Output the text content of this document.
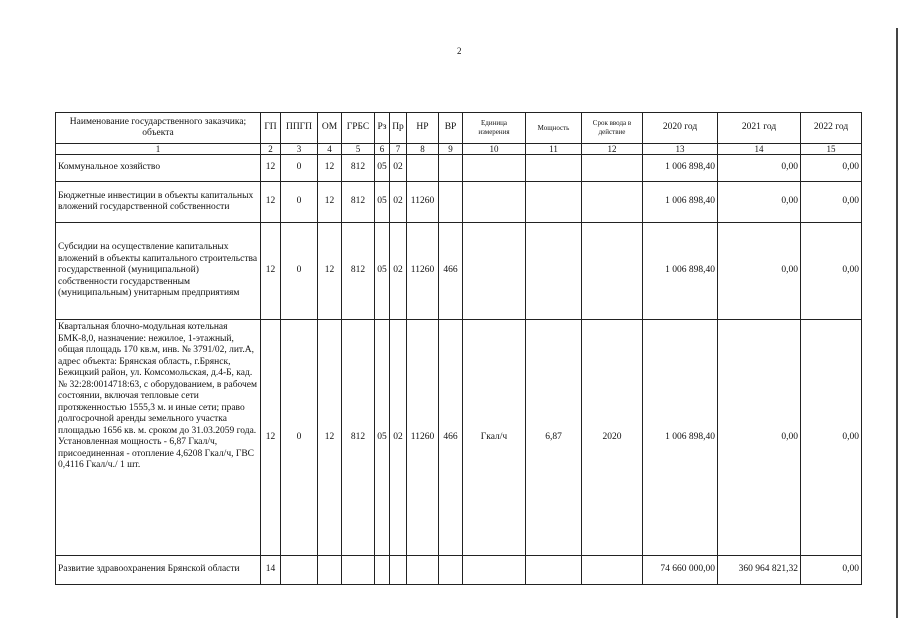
2
Наименование государственного заказчика; объекта	ГП	ППГП	ОМ	ГРБС	Рз	Пр	НР	ВР	Единица измерения	Мощность	Срок ввода в действие	2020 год	2021 год	2022 год
1	2	3	4	5	6	7	8	9	10	11	12	13	14	15
Коммунальное хозяйство	12	0	12	812	05	02						1 006 898,40	0,00	0,00
Бюджетные инвестиции в объекты капитальных вложений государственной собственности	12	0	12	812	05	02	11260					1 006 898,40	0,00	0,00
Субсидии на осуществление капитальных вложений в объекты капитального строительства государственной (муниципальной) собственности государственным (муниципальным) унитарным предприятиям	12	0	12	812	05	02	11260	466				1 006 898,40	0,00	0,00
Квартальная блочно-модульная котельная БМК-8,0, назначение: нежилое, 1-этажный, общая площадь 170 кв.м, инв. № 3791/02, лит.А, адрес объекта: Брянская область, г.Брянск, Бежицкий район, ул. Комсомольская, д.4-Б, кад. № 32:28:0014718:63, с оборудованием, в рабочем состоянии, включая тепловые сети протяженностью 1555,3 м. и иные сети; право долгосрочной аренды земельного участка площадью 1656 кв. м. сроком до 31.03.2059 года. Установленная мощность - 6,87 Гкал/ч, присоединенная - отопление 4,6208 Гкал/ч, ГВС 0,4116 Гкал/ч./ 1 шт.	12	0	12	812	05	02	11260	466	Гкал/ч	6,87	2020	1 006 898,40	0,00	0,00
Развитие здравоохранения Брянской области	14											74 660 000,00	360 964 821,32	0,00
